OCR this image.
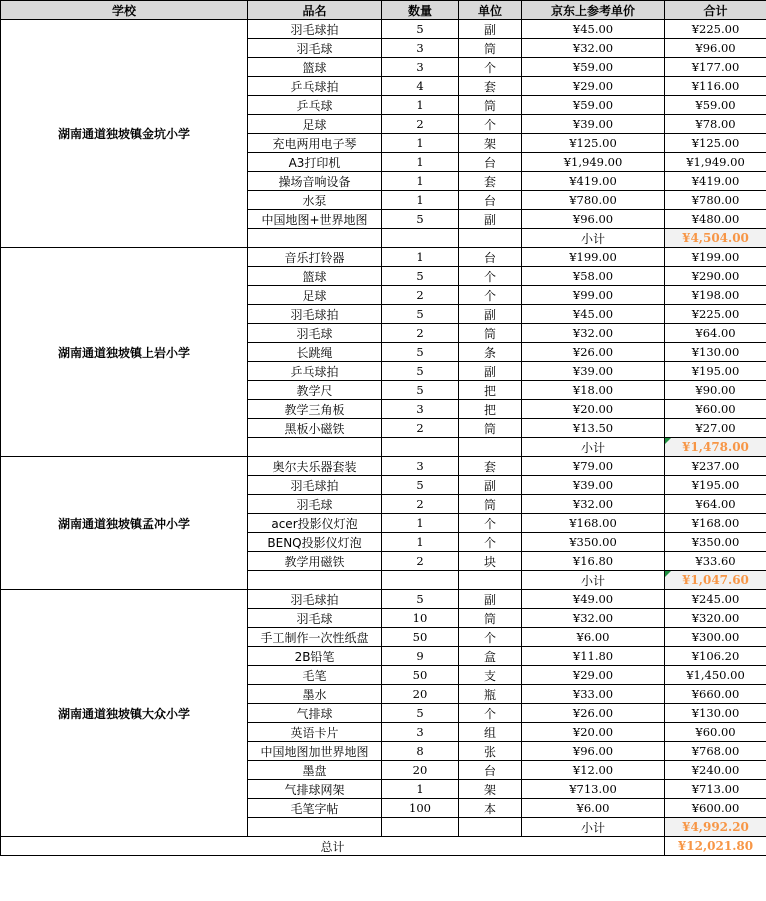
学校	品名	数量	单位	京东上参考单价	合计
湖南通道独坡镇金坑小学	羽毛球拍	5	副	¥45.00	¥225.00
	羽毛球	3	筒	¥32.00	¥96.00
	篮球	3	个	¥59.00	¥177.00
	乒乓球拍	4	套	¥29.00	¥116.00
	乒乓球	1	筒	¥59.00	¥59.00
	足球	2	个	¥39.00	¥78.00
	充电两用电子琴	1	架	¥125.00	¥125.00
	A3打印机	1	台	¥1,949.00	¥1,949.00
	操场音响设备	1	套	¥419.00	¥419.00
	水泵	1	台	¥780.00	¥780.00
	中国地图+世界地图	5	副	¥96.00	¥480.00
				小计	¥4,504.00
湖南通道独坡镇上岩小学	音乐打铃器	1	台	¥199.00	¥199.00
	篮球	5	个	¥58.00	¥290.00
	足球	2	个	¥99.00	¥198.00
	羽毛球拍	5	副	¥45.00	¥225.00
	羽毛球	2	筒	¥32.00	¥64.00
	长跳绳	5	条	¥26.00	¥130.00
	乒乓球拍	5	副	¥39.00	¥195.00
	教学尺	5	把	¥18.00	¥90.00
	教学三角板	3	把	¥20.00	¥60.00
	黑板小磁铁	2	筒	¥13.50	¥27.00
				小计	¥1,478.00
湖南通道独坡镇孟冲小学	奥尔夫乐器套装	3	套	¥79.00	¥237.00
	羽毛球拍	5	副	¥39.00	¥195.00
	羽毛球	2	筒	¥32.00	¥64.00
	acer投影仪灯泡	1	个	¥168.00	¥168.00
	BENQ投影仪灯泡	1	个	¥350.00	¥350.00
	教学用磁铁	2	块	¥16.80	¥33.60
				小计	¥1,047.60
湖南通道独坡镇大众小学	羽毛球拍	5	副	¥49.00	¥245.00
	羽毛球	10	筒	¥32.00	¥320.00
	手工制作一次性纸盘	50	个	¥6.00	¥300.00
	2B铅笔	9	盒	¥11.80	¥106.20
	毛笔	50	支	¥29.00	¥1,450.00
	墨水	20	瓶	¥33.00	¥660.00
	气排球	5	个	¥26.00	¥130.00
	英语卡片	3	组	¥20.00	¥60.00
	中国地图加世界地图	8	张	¥96.00	¥768.00
	墨盘	20	台	¥12.00	¥240.00
	气排球网架	1	架	¥713.00	¥713.00
	毛笔字帖	100	本	¥6.00	¥600.00
				小计	¥4,992.20
总计					¥12,021.80
